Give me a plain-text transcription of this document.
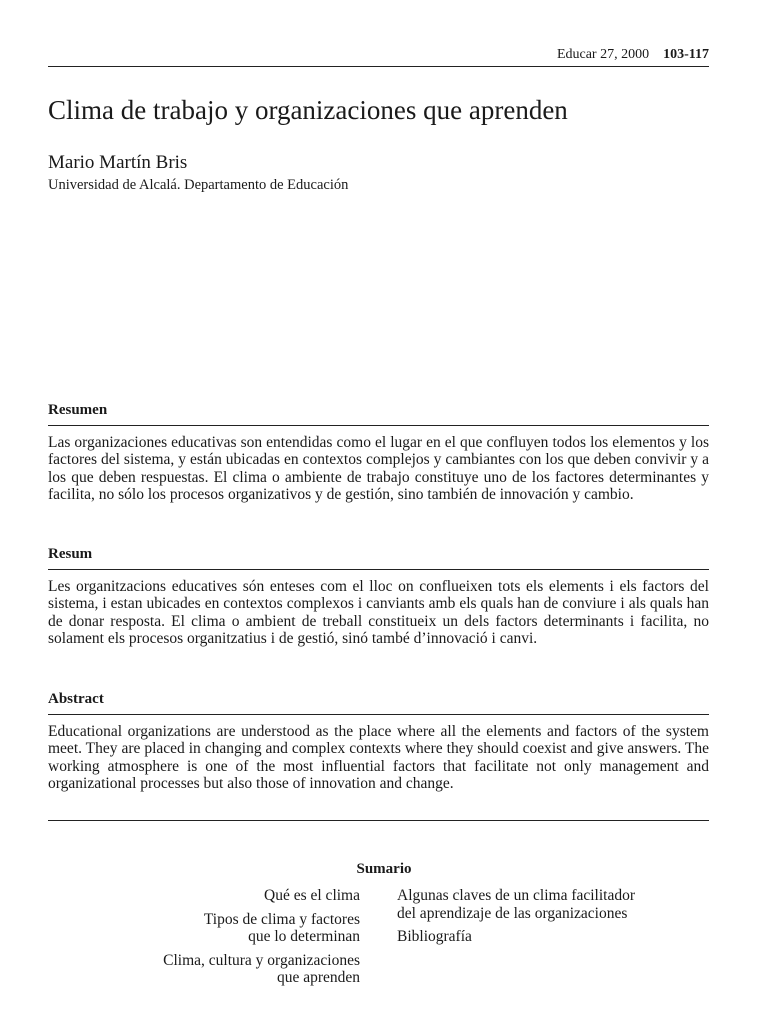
Educar 27, 2000 103-117
Clima de trabajo y organizaciones que aprenden
Mario Martín Bris
Universidad de Alcalá. Departamento de Educación
Resumen

Las organizaciones educativas son entendidas como el lugar en el que confluyen todos los elementos y los factores del sistema, y están ubicadas en contextos complejos y cambiantes con los que deben convivir y a los que deben respuestas. El clima o ambiente de trabajo constituye uno de los factores determinantes y facilita, no sólo los procesos organizativos y de gestión, sino también de innovación y cambio.

Resum

Les organitzacions educatives són enteses com el lloc on conflueixen tots els elements i els factors del sistema, i estan ubicades en contextos complexos i canviants amb els quals han de conviure i als quals han de donar resposta. El clima o ambient de treball constitueix un dels factors determinants i facilita, no solament els procesos organitzatius i de gestió, sinó també d’innovació i canvi.

Abstract

Educational organizations are understood as the place where all the elements and factors of the system meet. They are placed in changing and complex contexts where they should coexist and give answers. The working atmosphere is one of the most influential factors that facilitate not only management and organizational processes but also those of innovation and change.

Sumario
Qué es el clima
Tipos de clima y factores
que lo determinan
Clima, cultura y organizaciones
que aprenden
Algunas claves de un clima facilitador
del aprendizaje de las organizaciones
Bibliografía
